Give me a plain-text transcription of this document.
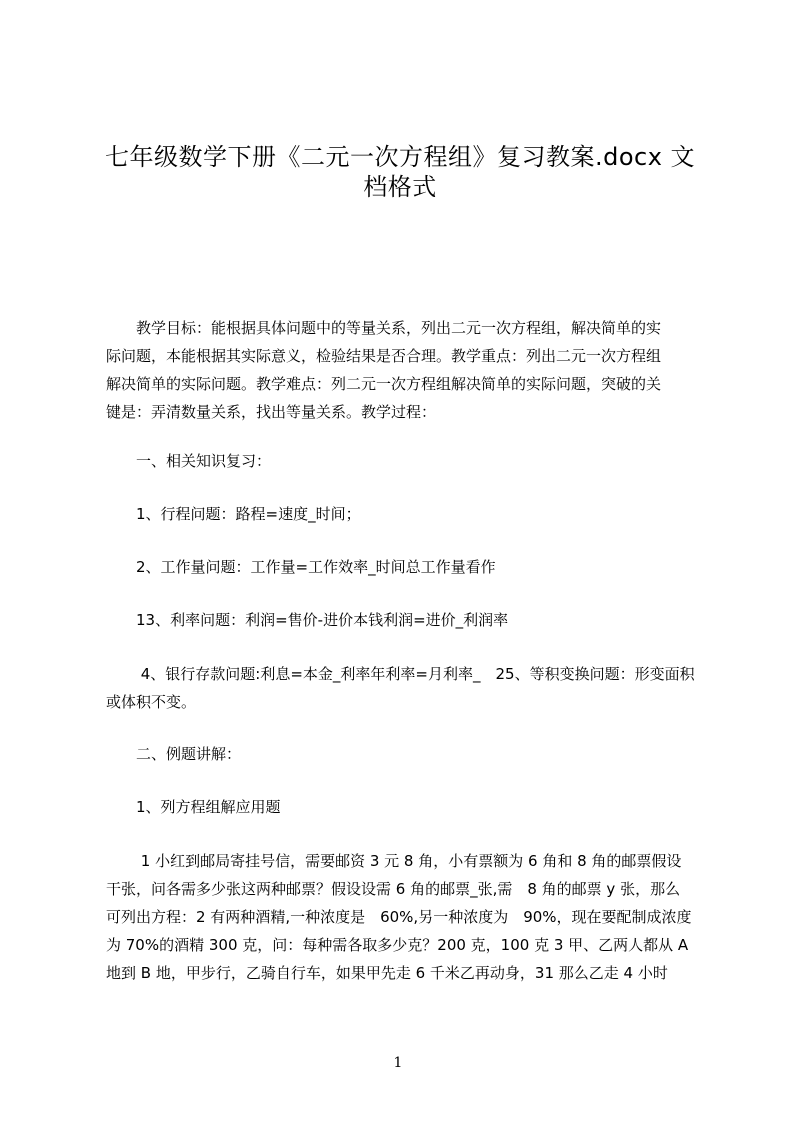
七年级数学下册《二元一次方程组》复习教案.docx 文
档格式
　　教学目标：能根据具体问题中的等量关系，列出二元一次方程组，解决简单的实
际问题，本能根据其实际意义，检验结果是否合理。教学重点：列出二元一次方程组
解决简单的实际问题。教学难点：列二元一次方程组解决简单的实际问题，突破的关
键是：弄清数量关系，找出等量关系。教学过程：
　　一、相关知识复习：
　　1、行程问题：路程=速度_时间；
　　2、工作量问题：工作量=工作效率_时间总工作量看作
　　13、利率问题：利润=售价-进价本钱利润=进价_利润率
　　 4、银行存款问题:利息=本金_利率年利率=月利率_　25、等积变换问题：形变面积
或体积不变。
　　二、例题讲解：
　　1、列方程组解应用题
　　 1 小红到邮局寄挂号信，需要邮资 3 元 8 角，小有票额为 6 角和 8 角的邮票假设
干张，问各需多少张这两种邮票？假设设需 6 角的邮票_张,需　8 角的邮票 y 张，那么
可列出方程：2 有两种酒精,一种浓度是　60%,另一种浓度为　90%，现在要配制成浓度
为 70%的酒精 300 克，问：每种需各取多少克？200 克，100 克 3 甲、乙两人都从 A
地到 B 地，甲步行，乙骑自行车，如果甲先走 6 千米乙再动身，31 那么乙走 4 小时
1
